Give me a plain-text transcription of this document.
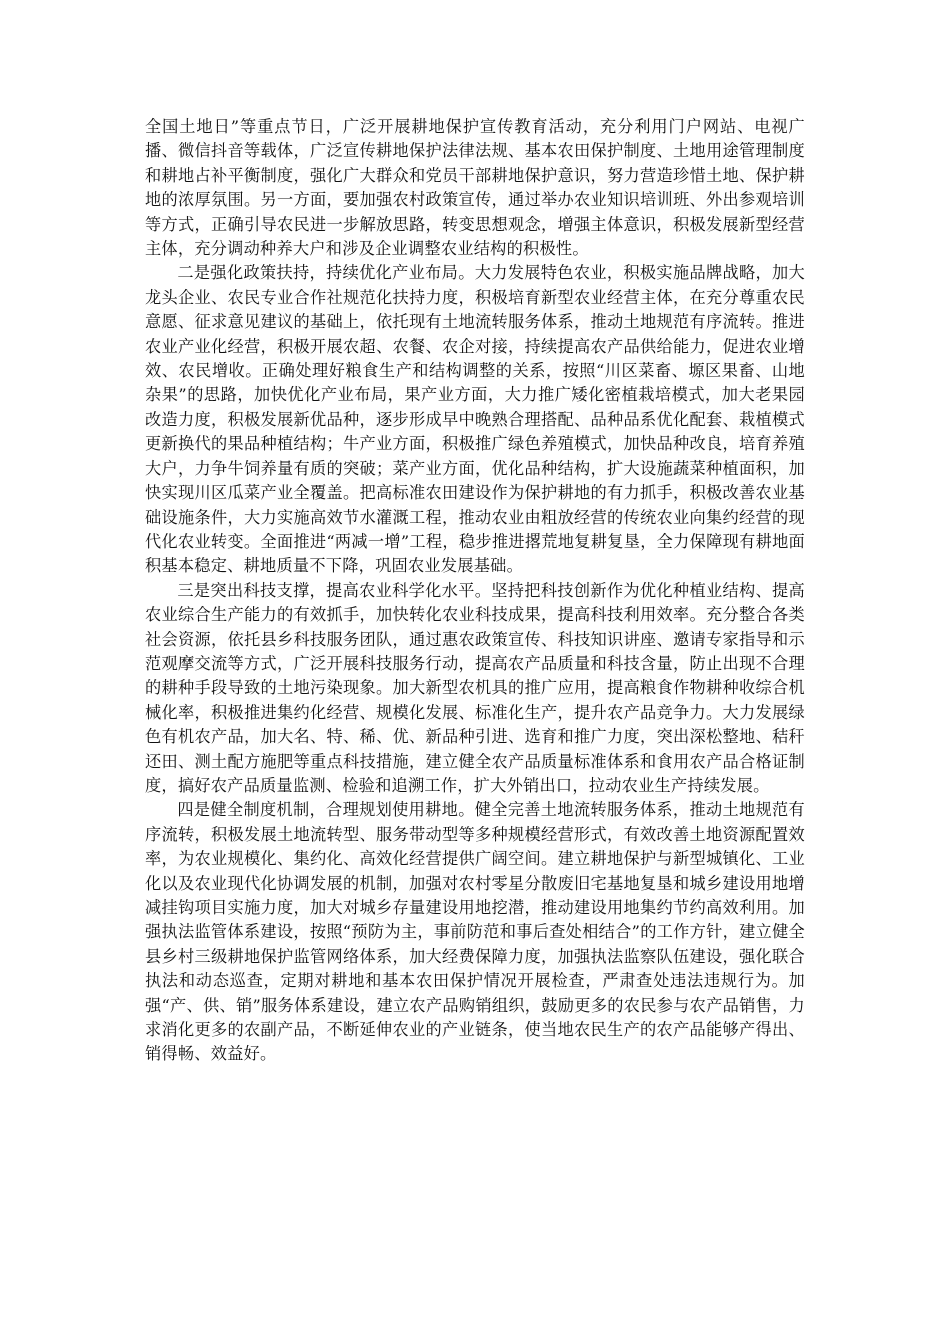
全国土地日”等重点节日，广泛开展耕地保护宣传教育活动，充分利用门户网站、电视广播、微信抖音等载体，广泛宣传耕地保护法律法规、基本农田保护制度、土地用途管理制度和耕地占补平衡制度，强化广大群众和党员干部耕地保护意识，努力营造珍惜土地、保护耕地的浓厚氛围。另一方面，要加强农村政策宣传，通过举办农业知识培训班、外出参观培训等方式，正确引导农民进一步解放思路，转变思想观念，增强主体意识，积极发展新型经营主体，充分调动种养大户和涉及企业调整农业结构的积极性。

二是强化政策扶持，持续优化产业布局。大力发展特色农业，积极实施品牌战略，加大龙头企业、农民专业合作社规范化扶持力度，积极培育新型农业经营主体，在充分尊重农民意愿、征求意见建议的基础上，依托现有土地流转服务体系，推动土地规范有序流转。推进农业产业化经营，积极开展农超、农餐、农企对接，持续提高农产品供给能力，促进农业增效、农民增收。正确处理好粮食生产和结构调整的关系，按照“川区菜畜、塬区果畜、山地杂果”的思路，加快优化产业布局，果产业方面，大力推广矮化密植栽培模式，加大老果园改造力度，积极发展新优品种，逐步形成早中晚熟合理搭配、品种品系优化配套、栽植模式更新换代的果品种植结构；牛产业方面，积极推广绿色养殖模式，加快品种改良，培育养殖大户，力争牛饲养量有质的突破；菜产业方面，优化品种结构，扩大设施蔬菜种植面积，加快实现川区瓜菜产业全覆盖。把高标准农田建设作为保护耕地的有力抓手，积极改善农业基础设施条件，大力实施高效节水灌溉工程，推动农业由粗放经营的传统农业向集约经营的现代化农业转变。全面推进“两减一增”工程，稳步推进撂荒地复耕复垦，全力保障现有耕地面积基本稳定、耕地质量不下降，巩固农业发展基础。

三是突出科技支撑，提高农业科学化水平。坚持把科技创新作为优化种植业结构、提高农业综合生产能力的有效抓手，加快转化农业科技成果，提高科技利用效率。充分整合各类社会资源，依托县乡科技服务团队，通过惠农政策宣传、科技知识讲座、邀请专家指导和示范观摩交流等方式，广泛开展科技服务行动，提高农产品质量和科技含量，防止出现不合理的耕种手段导致的土地污染现象。加大新型农机具的推广应用，提高粮食作物耕种收综合机械化率，积极推进集约化经营、规模化发展、标准化生产，提升农产品竞争力。大力发展绿色有机农产品，加大名、特、稀、优、新品种引进、选育和推广力度，突出深松整地、秸秆还田、测土配方施肥等重点科技措施，建立健全农产品质量标准体系和食用农产品合格证制度，搞好农产品质量监测、检验和追溯工作，扩大外销出口，拉动农业生产持续发展。

四是健全制度机制，合理规划使用耕地。健全完善土地流转服务体系，推动土地规范有序流转，积极发展土地流转型、服务带动型等多种规模经营形式，有效改善土地资源配置效率，为农业规模化、集约化、高效化经营提供广阔空间。建立耕地保护与新型城镇化、工业化以及农业现代化协调发展的机制，加强对农村零星分散废旧宅基地复垦和城乡建设用地增减挂钩项目实施力度，加大对城乡存量建设用地挖潜，推动建设用地集约节约高效利用。加强执法监管体系建设，按照“预防为主，事前防范和事后查处相结合”的工作方针，建立健全县乡村三级耕地保护监管网络体系，加大经费保障力度，加强执法监察队伍建设，强化联合执法和动态巡查，定期对耕地和基本农田保护情况开展检查，严肃查处违法违规行为。加强“产、供、销”服务体系建设，建立农产品购销组织，鼓励更多的农民参与农产品销售，力求消化更多的农副产品，不断延伸农业的产业链条，使当地农民生产的农产品能够产得出、销得畅、效益好。
